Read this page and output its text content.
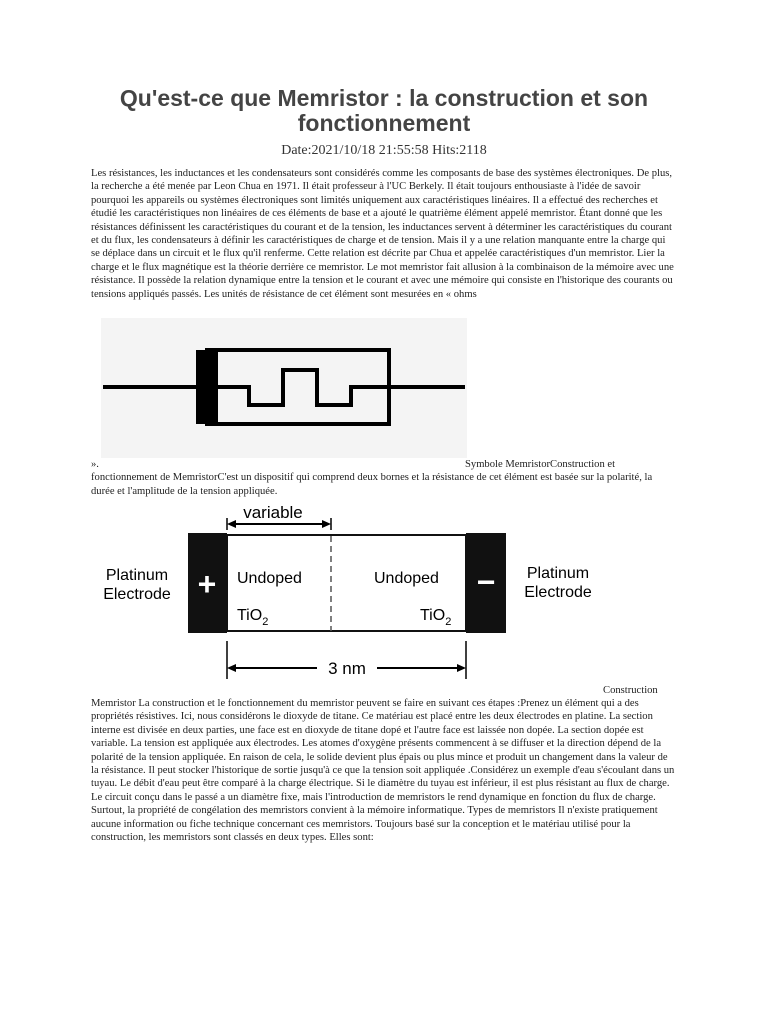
Qu'est-ce que Memristor : la construction et son fonctionnement
Date:2021/10/18 21:55:58 Hits:2118

Les résistances, les inductances et les condensateurs sont considérés comme les composants de base des systèmes électroniques. De plus, la recherche a été menée par Leon Chua en 1971. Il était professeur à l'UC Berkely. Il était toujours enthousiaste à l'idée de savoir pourquoi les appareils ou systèmes électroniques sont limités uniquement aux caractéristiques linéaires. Il a effectué des recherches et étudié les caractéristiques non linéaires de ces éléments de base et a ajouté le quatrième élément appelé memristor. Étant donné que les résistances définissent les caractéristiques du courant et de la tension, les inductances servent à déterminer les caractéristiques du courant et du flux, les condensateurs à définir les caractéristiques de charge et de tension. Mais il y a une relation manquante entre la charge qui se déplace dans un circuit et le flux qu'il renferme. Cette relation est décrite par Chua et appelée caractéristiques d'un memristor. Lier la charge et le flux magnétique est la théorie derrière ce memristor. Le mot memristor fait allusion à la combinaison de la mémoire avec une résistance. Il possède la relation dynamique entre la tension et le courant et avec une mémoire qui consiste en l'historique des courants ou tensions appliqués passés. Les unités de résistance de cet élément sont mesurées en « ohms

».	Symbole MemristorConstruction et
fonctionnement de MemristorC'est un dispositif qui comprend deux bornes et la résistance de cet élément est basée sur la polarité, la durée et l'amplitude de la tension appliquée.
variable
+	−
Platinum
Electrode
Platinum
Electrode
Undoped	Undoped
TiO$_2$	TiO$_2$
3 nm
Construction

Memristor La construction et le fonctionnement du memristor peuvent se faire en suivant ces étapes :Prenez un élément qui a des propriétés résistives. Ici, nous considérons le dioxyde de titane. Ce matériau est placé entre les deux électrodes en platine. La section interne est divisée en deux parties, une face est en dioxyde de titane dopé et l'autre face est laissée non dopée. La section dopée est variable. La tension est appliquée aux électrodes. Les atomes d'oxygène présents commencent à se diffuser et la direction dépend de la polarité de la tension appliquée. En raison de cela, le solide devient plus épais ou plus mince et produit un changement dans la valeur de la résistance. Il peut stocker l'historique de sortie jusqu'à ce que la tension soit appliquée .Considérez un exemple d'eau s'écoulant dans un tuyau. Le débit d'eau peut être comparé à la charge électrique. Si le diamètre du tuyau est inférieur, il est plus résistant au flux de charge. Le circuit conçu dans le passé a un diamètre fixe, mais l'introduction de memristors le rend dynamique en fonction du flux de charge. Surtout, la propriété de congélation des memristors convient à la mémoire informatique. Types de memristors Il n'existe pratiquement aucune information ou fiche technique concernant ces memristors. Toujours basé sur la conception et le matériau utilisé pour la construction, les memristors sont classés en deux types. Elles sont:
